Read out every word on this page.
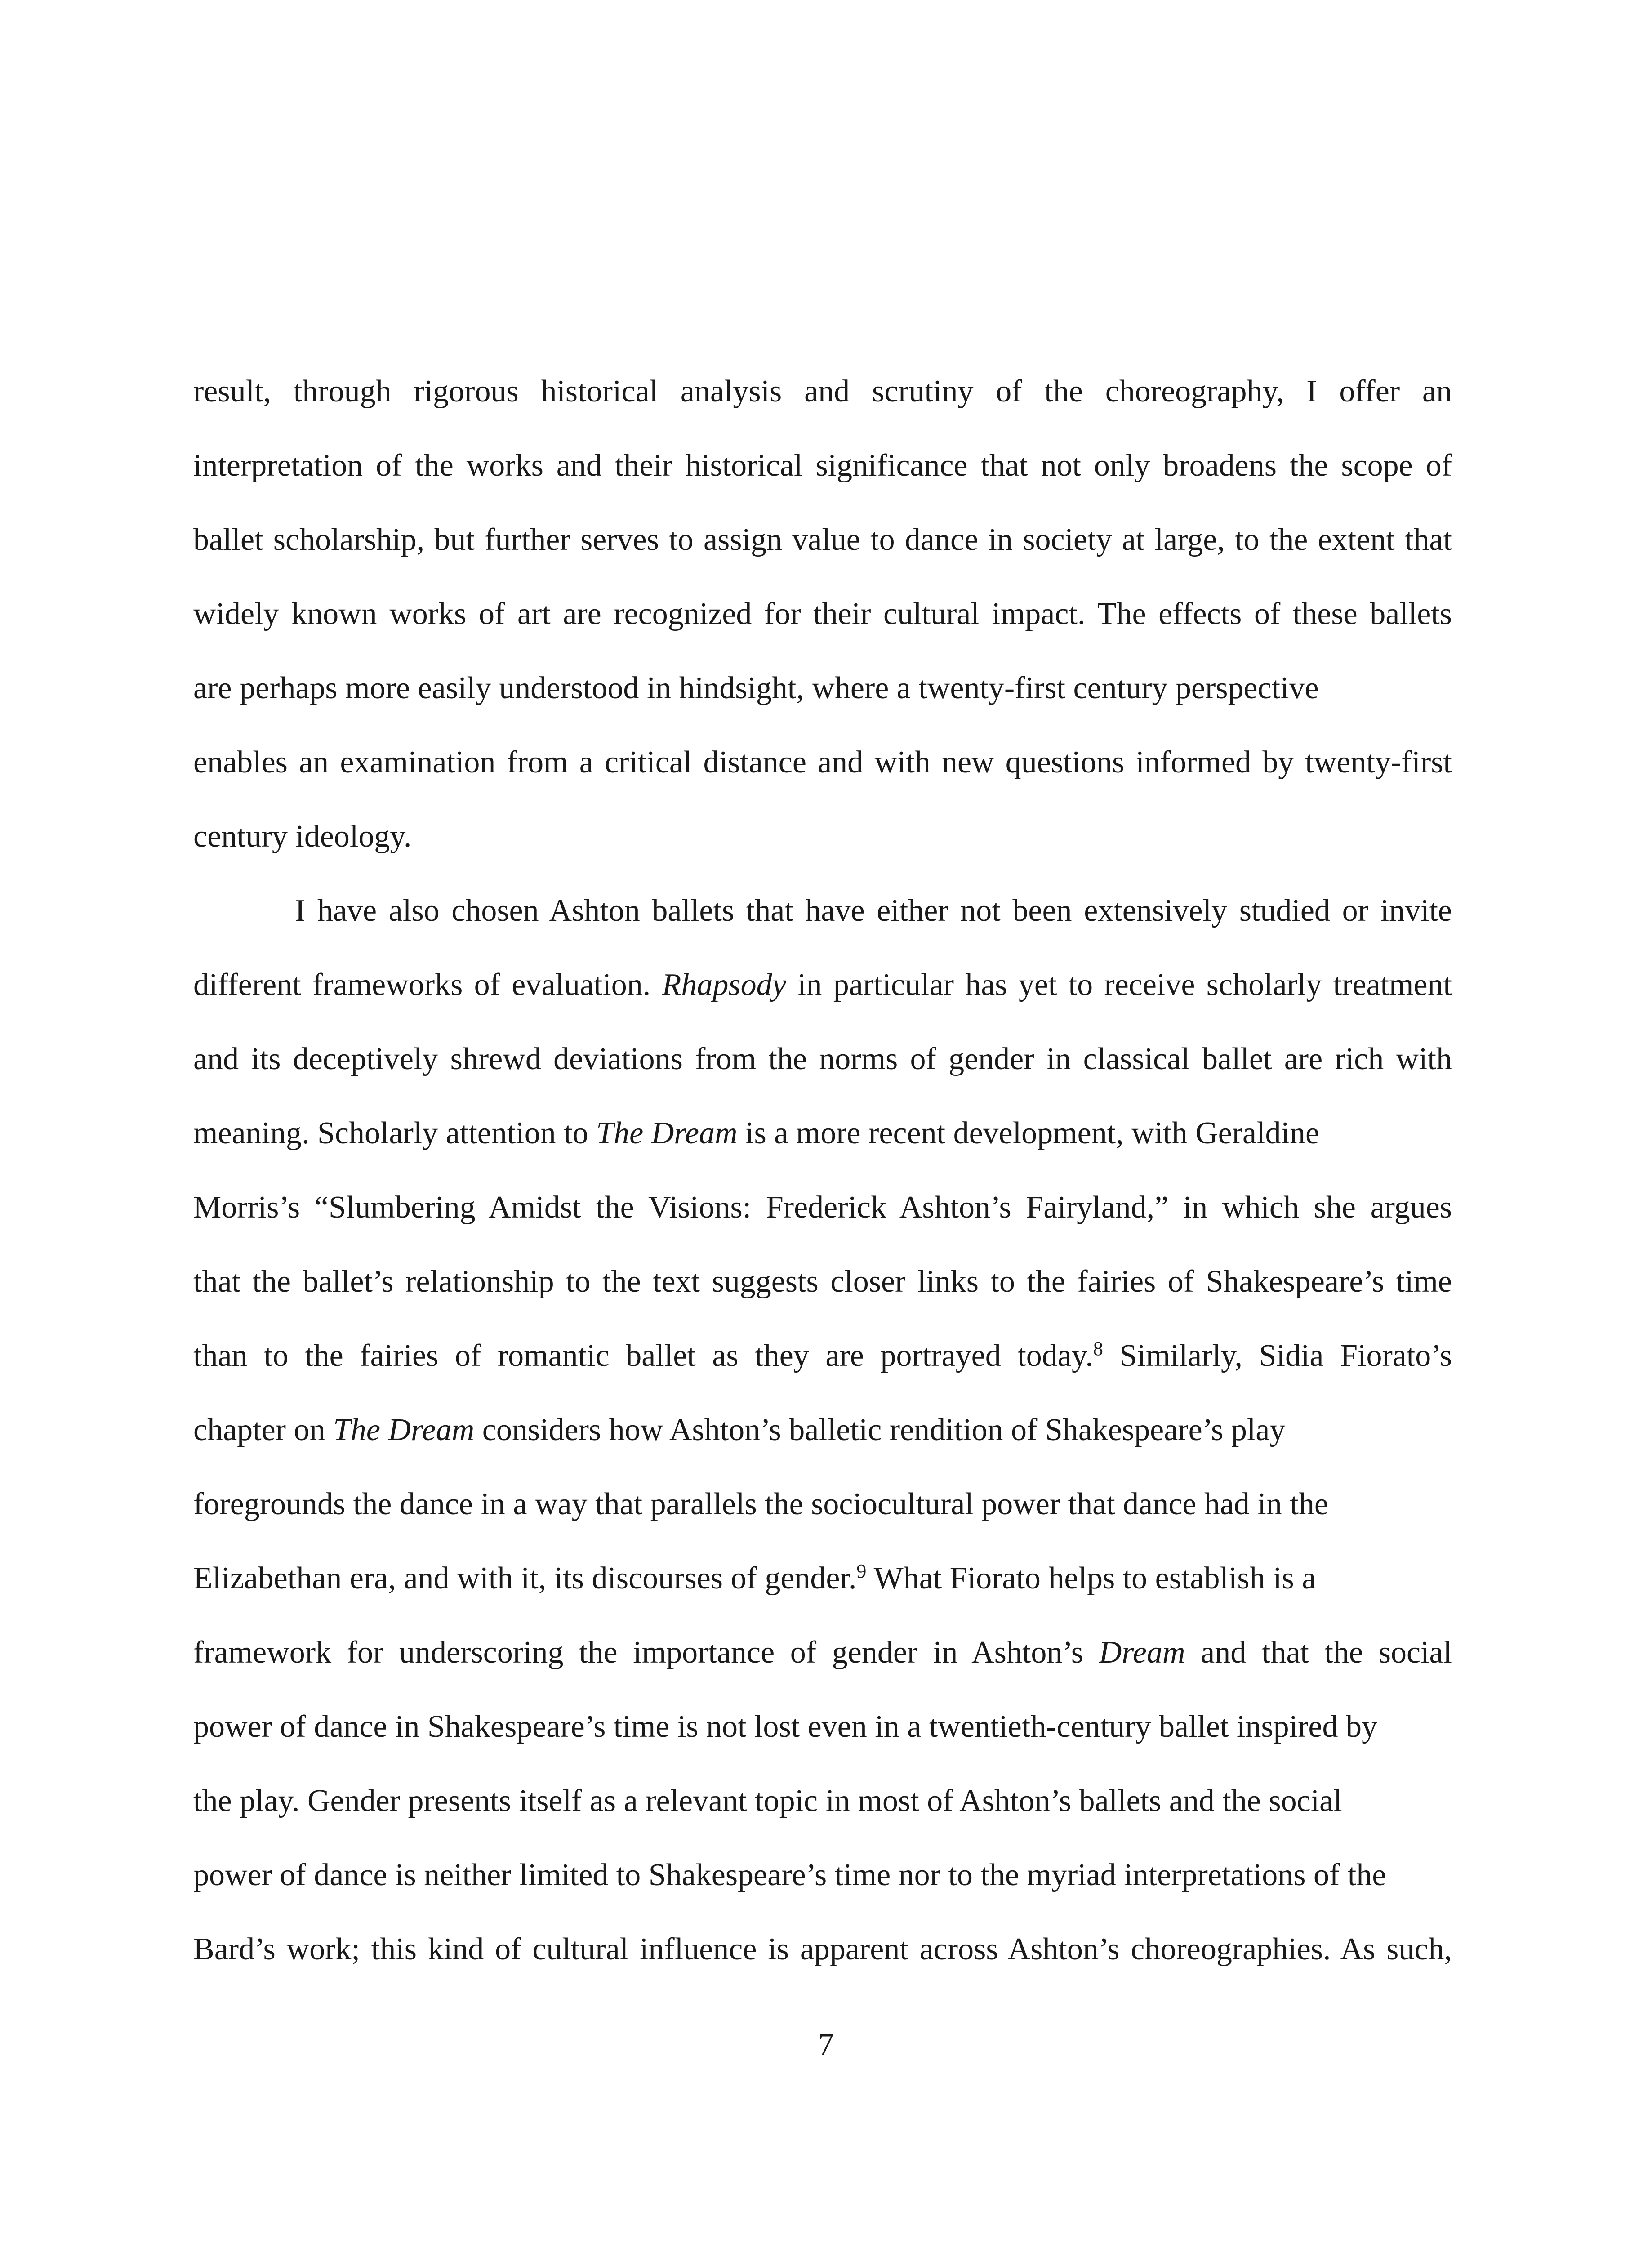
result, through rigorous historical analysis and scrutiny of the choreography, I offer an
interpretation of the works and their historical significance that not only broadens the scope of
ballet scholarship, but further serves to assign value to dance in society at large, to the extent that
widely known works of art are recognized for their cultural impact. The effects of these ballets
are perhaps more easily understood in hindsight, where a twenty-first century perspective
enables an examination from a critical distance and with new questions informed by twenty-first
century ideology.
I have also chosen Ashton ballets that have either not been extensively studied or invite
different frameworks of evaluation. Rhapsody in particular has yet to receive scholarly treatment
and its deceptively shrewd deviations from the norms of gender in classical ballet are rich with
meaning. Scholarly attention to The Dream is a more recent development, with Geraldine
Morris’s “Slumbering Amidst the Visions: Frederick Ashton’s Fairyland,” in which she argues
that the ballet’s relationship to the text suggests closer links to the fairies of Shakespeare’s time
than to the fairies of romantic ballet as they are portrayed today.$^8$ Similarly, Sidia Fiorato’s
chapter on The Dream considers how Ashton’s balletic rendition of Shakespeare’s play
foregrounds the dance in a way that parallels the sociocultural power that dance had in the
Elizabethan era, and with it, its discourses of gender.$^9$ What Fiorato helps to establish is a
framework for underscoring the importance of gender in Ashton’s Dream and that the social
power of dance in Shakespeare’s time is not lost even in a twentieth-century ballet inspired by
the play. Gender presents itself as a relevant topic in most of Ashton’s ballets and the social
power of dance is neither limited to Shakespeare’s time nor to the myriad interpretations of the
Bard’s work; this kind of cultural influence is apparent across Ashton’s choreographies. As such,
7
